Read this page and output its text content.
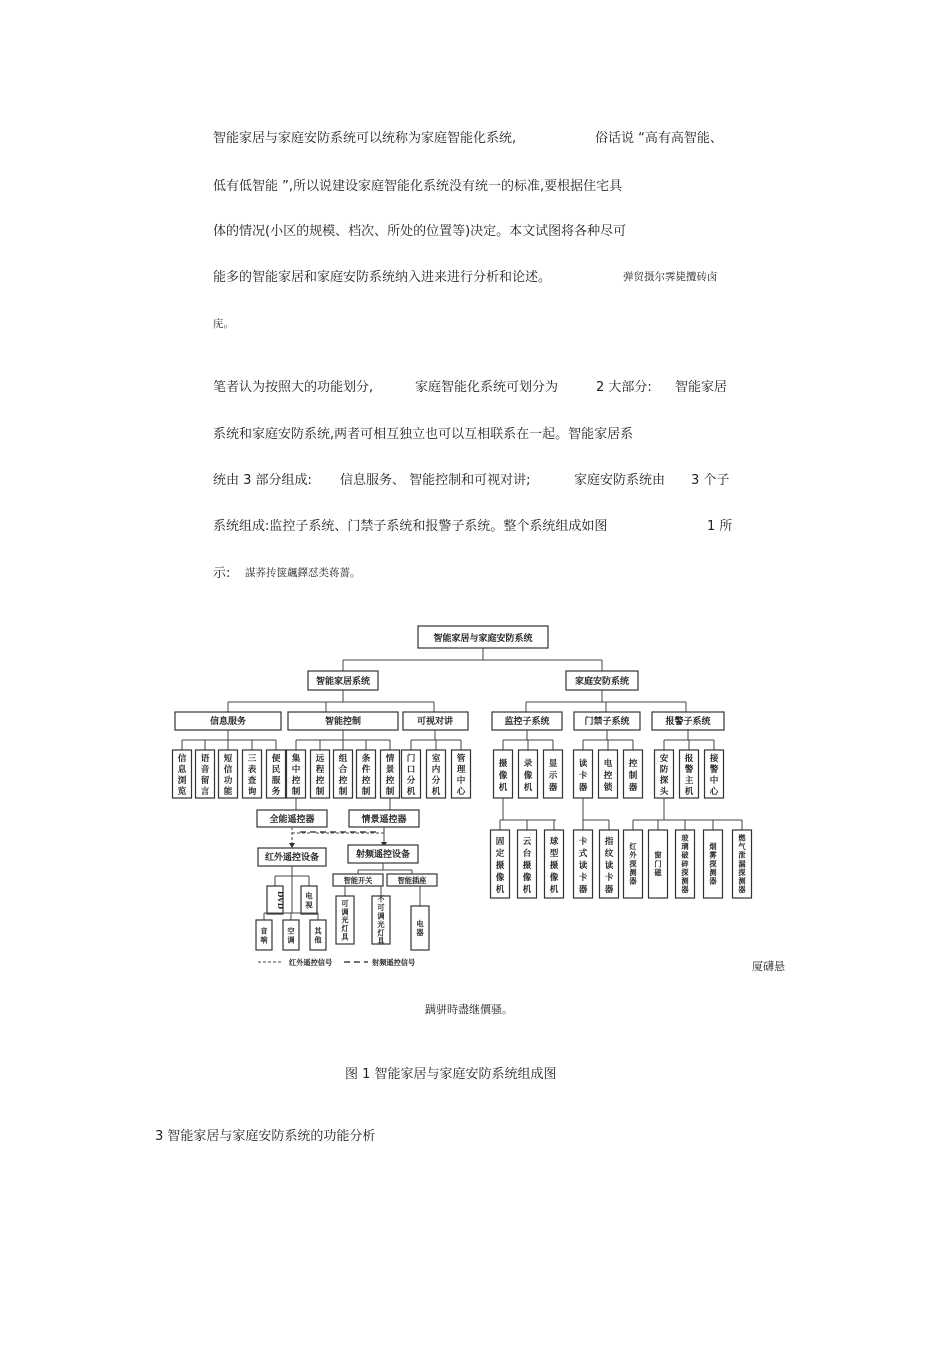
智能家居与家庭安防系统可以统称为家庭智能化系统,	俗话说 “高有高智能、
低有低智能 ”,所以说建设家庭智能化系统没有统一的标准,要根据住宅具
体的情况(小区的规模、档次、所处的位置等)决定。本文试图将各种尽可
能多的智能家居和家庭安防系统纳入进来进行分析和论述。	弹贸摄尔霁毙攬砖卤
庑。
笔者认为按照大的功能划分,	家庭智能化系统可划分为	2 大部分: 智能家居
系统和家庭安防系统,两者可相互独立也可以互相联系在一起。智能家居系
统由 3 部分组成: 信息服务、 智能控制和可视对讲;	家庭安防系统由 3 个子
系统组成:监控子系统、门禁子系统和报警子系统。整个系统组成如图	1 所
示: 謀荞抟箧飆鐸怼类蒋薔。
智能家居与家庭安防系统
智能家居系统	家庭安防系统
信息服务	智能控制	可视对讲	监控子系统	门禁子系统	报警子系统
信息浏览
语音留言
短信功能
三表查询
便民服务
集中控制
远程控制
组合控制
条件控制
情景控制
门口分机
室内分机
管理中心
摄像机
录像机
显示器
读卡器
电控锁
控制器
安防探头
报警主机
接警中心
全能遥控器	情景遥控器
红外遥控设备	射频遥控设备
智能开关	智能插座
可调光灯具
不可调光灯具
电器
DVD	电视
音响
空调
其他
红外遥控信号	射频遥控信号
固定摄像机
云台摄像机
球型摄像机
卡式读卡器
指纹读卡器
红外探测器
窗门磁
玻璃破碎探测器
烟雾探测器
燃气泄漏探测器
厦礴悬
蹒骈時盡继價骚。
图 1 智能家居与家庭安防系统组成图
3 智能家居与家庭安防系统的功能分析
